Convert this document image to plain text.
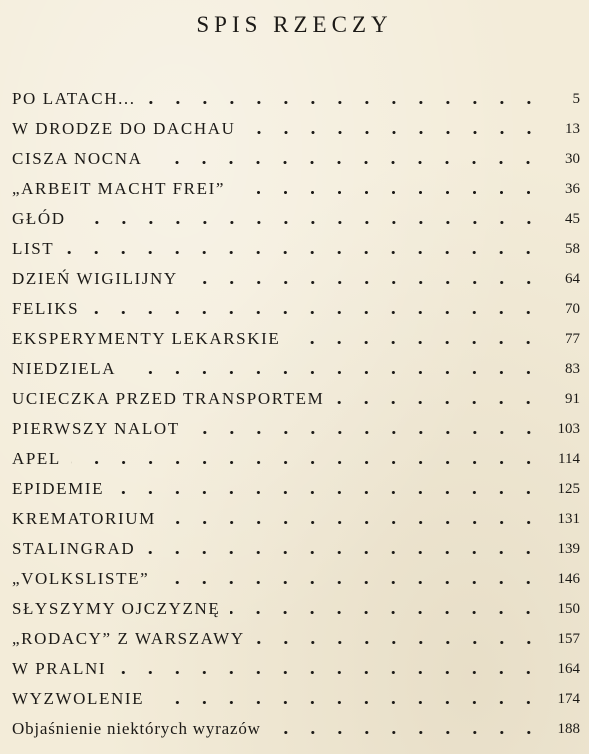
SPIS RZECZY
PO LATACH...	5
W DRODZE DO DACHAU	13
CISZA NOCNA	30
„ARBEIT MACHT FREI”	36
GŁÓD	45
LIST	58
DZIEŃ WIGILIJNY	64
FELIKS	70
EKSPERYMENTY LEKARSKIE	77
NIEDZIELA	83
UCIECZKA PRZED TRANSPORTEM	91
PIERWSZY NALOT	103
APEL	114
EPIDEMIE	125
KREMATORIUM	131
STALINGRAD	139
„VOLKSLISTE”	146
SŁYSZYMY OJCZYZNĘ	150
„RODACY” Z WARSZAWY	157
W PRALNI	164
WYZWOLENIE	174
Objaśnienie niektórych wyrazów	188
